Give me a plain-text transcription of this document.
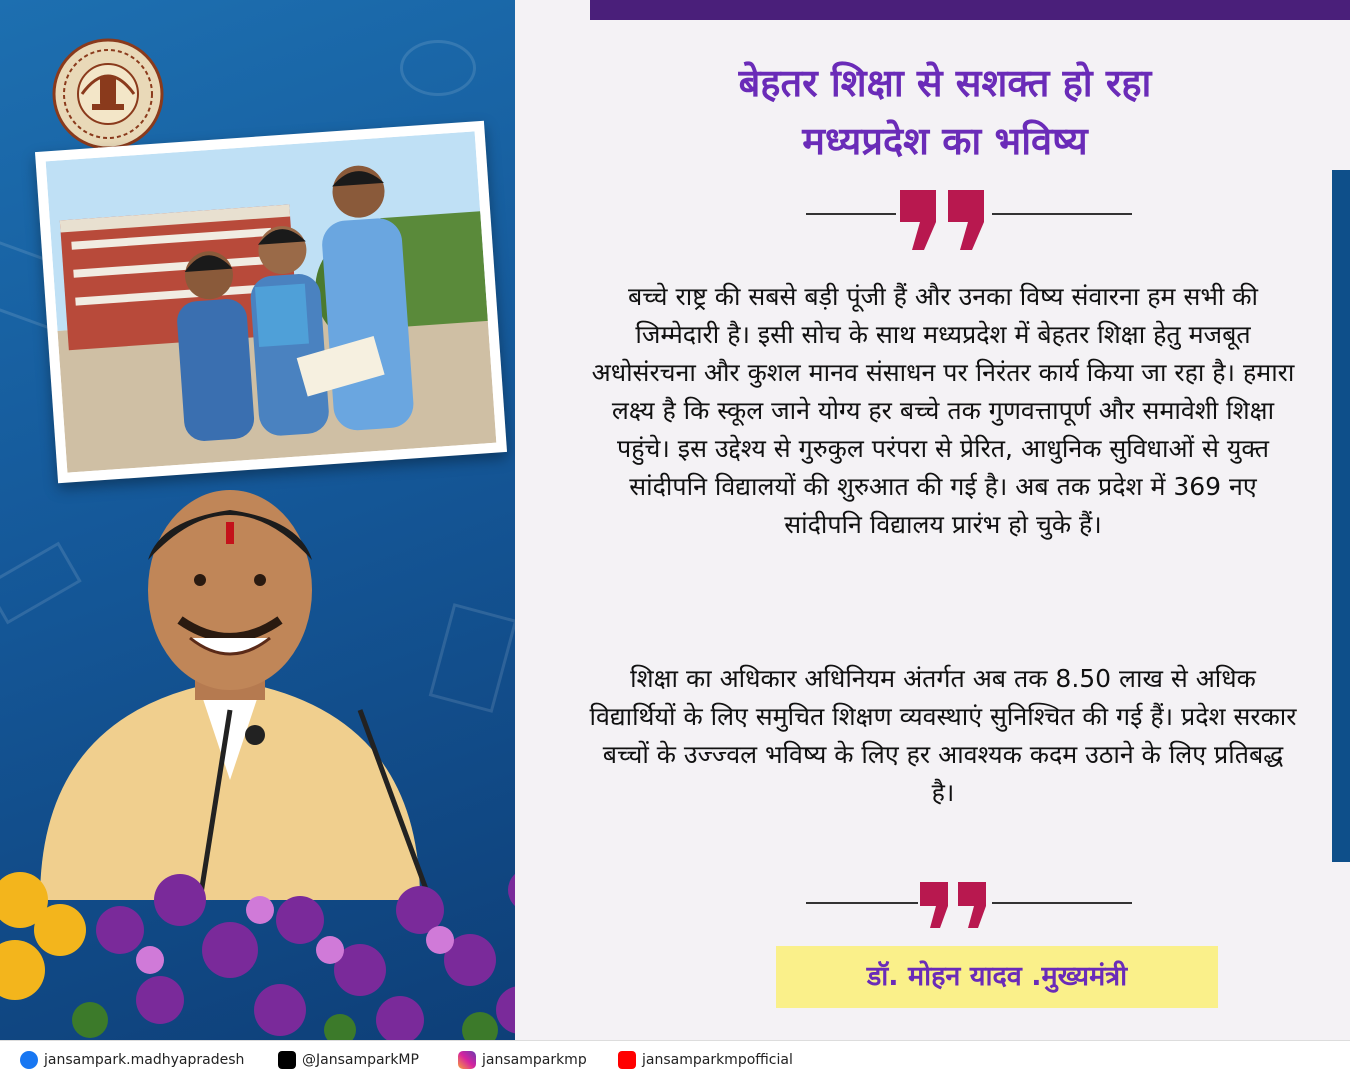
बेहतर शिक्षा से सशक्त हो रहा
मध्यप्रदेश का भविष्य

बच्चे राष्ट्र की सबसे बड़ी पूंजी हैं और उनका विष्य संवारना हम सभी की जिम्मेदारी है। इसी सोच के साथ मध्यप्रदेश में बेहतर शिक्षा हेतु मजबूत अधोसंरचना और कुशल मानव संसाधन पर निरंतर कार्य किया जा रहा है। हमारा लक्ष्य है कि स्कूल जाने योग्य हर बच्चे तक गुणवत्तापूर्ण और समावेशी शिक्षा पहुंचे। इस उद्देश्य से गुरुकुल परंपरा से प्रेरित, आधुनिक सुविधाओं से युक्त सांदीपनि विद्यालयों की शुरुआत की गई है। अब तक प्रदेश में 369 नए सांदीपनि विद्यालय प्रारंभ हो चुके हैं।

शिक्षा का अधिकार अधिनियम अंतर्गत अब तक 8.50 लाख से अधिक विद्यार्थियों के लिए समुचित शिक्षण व्यवस्थाएं सुनिश्चित की गई हैं। प्रदेश सरकार बच्चों के उज्ज्वल भविष्य के लिए हर आवश्यक कदम उठाने के लिए प्रतिबद्ध है।

डॉ. मोहन यादव .मुख्यमंत्री
jansampark.madhyapradesh	@JansamparkMP	jansamparkmp	jansamparkmpofficial
